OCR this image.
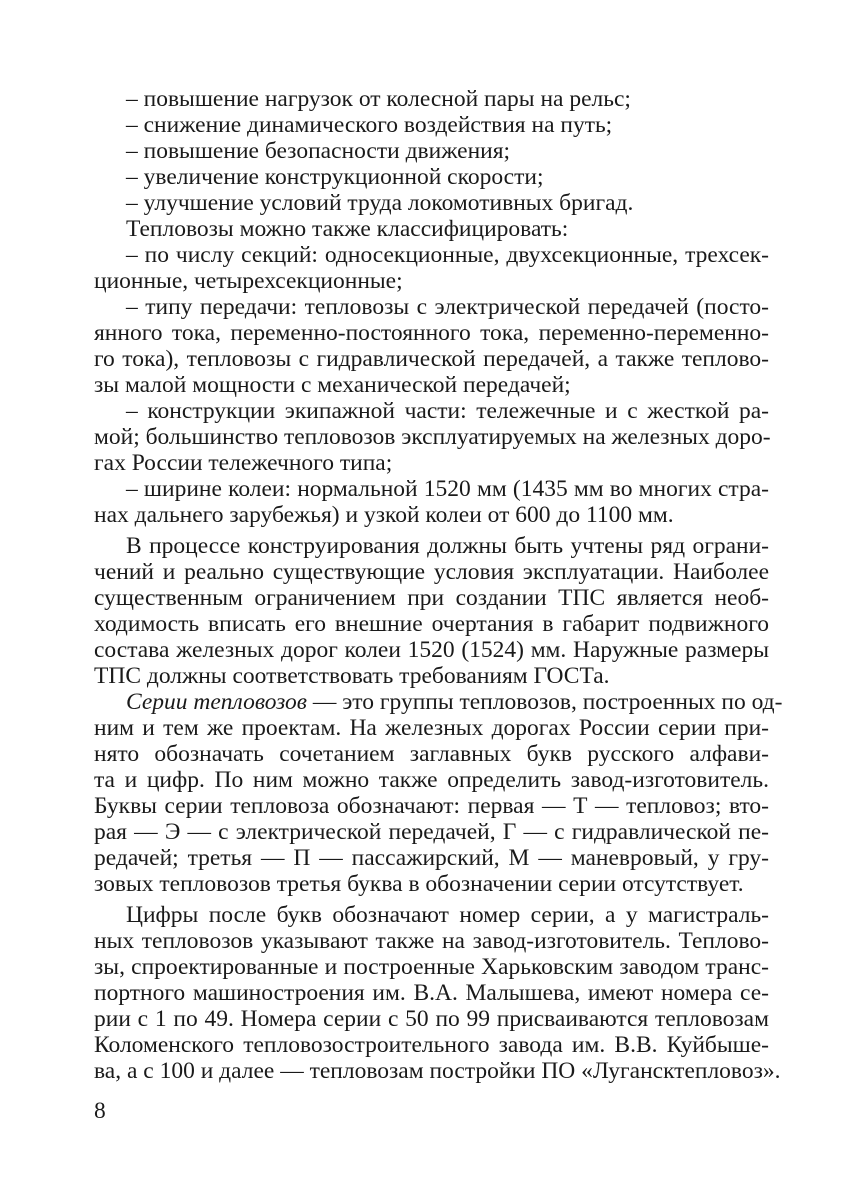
– повышение нагрузок от колесной пары на рельс;
– снижение динамического воздействия на путь;
– повышение безопасности движения;
– увеличение конструкционной скорости;
– улучшение условий труда локомотивных бригад.
Тепловозы можно также классифицировать:
– по числу секций: односекционные, двухсекционные, трехсек-
ционные, четырехсекционные;
– типу передачи: тепловозы с электрической передачей (посто-
янного тока, переменно-постоянного тока, переменно-переменно-
го тока), тепловозы с гидравлической передачей, а также теплово-
зы малой мощности с механической передачей;
– конструкции экипажной части: тележечные и с жесткой ра-
мой; большинство тепловозов эксплуатируемых на железных доро-
гах России тележечного типа;
– ширине колеи: нормальной 1520 мм (1435 мм во многих стра-
нах дальнего зарубежья) и узкой колеи от 600 до 1100 мм.
В процессе конструирования должны быть учтены ряд ограни-
чений и реально существующие условия эксплуатации. Наиболее
существенным ограничением при создании ТПС является необ-
ходимость вписать его внешние очертания в габарит подвижного
состава железных дорог колеи 1520 (1524) мм. Наружные размеры
ТПС должны соответствовать требованиям ГОСТа.
Серии тепловозов — это группы тепловозов, построенных по од-
ним и тем же проектам. На железных дорогах России серии при-
нято обозначать сочетанием заглавных букв русского алфави-
та и цифр. По ним можно также определить завод-изготовитель.
Буквы серии тепловоза обозначают: первая — Т — тепловоз; вто-
рая — Э — с электрической передачей, Г — с гидравлической пе-
редачей; третья — П — пассажирский, М — маневровый, у гру-
зовых тепловозов третья буква в обозначении серии отсутствует.
Цифры после букв обозначают номер серии, а у магистраль-
ных тепловозов указывают также на завод-изготовитель. Теплово-
зы, спроектированные и построенные Харьковским заводом транс-
портного машиностроения им. В.А. Малышева, имеют номера се-
рии с 1 по 49. Номера серии с 50 по 99 присваиваются тепловозам
Коломенского тепловозостроительного завода им. В.В. Куйбыше-
ва, а с 100 и далее — тепловозам постройки ПО «Лугансктепловоз».
8
